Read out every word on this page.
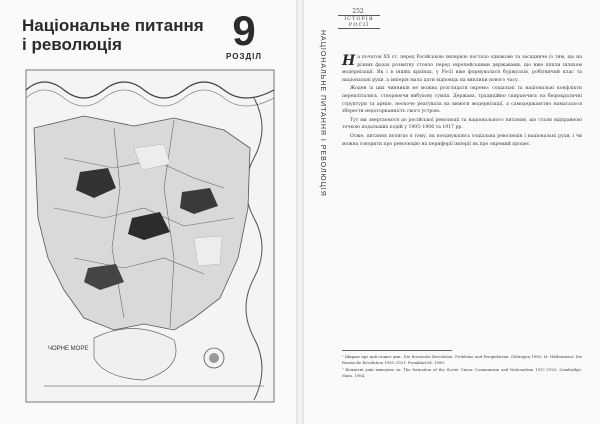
Національне питання
і революція	9
РОЗДІЛ
ЧОРНЕ МОРЕ
252
ІСТОРІЯ РОСІЇ
НАЦІОНАЛЬНЕ ПИТАННЯ І РЕВОЛЮЦІЯ На початок XX ст. перед Російською імперією постало однакове та засадниче із тим, що на різних фазах розвитку стояло перед європейськими державами, що вже пішли шляхом модернізації. Як і в інших країнах, у Росії вже формувалася буржуазія, робітничий клас та національні рухи, а імперія мала дати відповідь на виклики нового часу.

Жоден із цих чинників не можна розглядати окремо: соціальні та національні конфлікти переплітались, створюючи вибухову суміш. Держава, традиційно спираючись на бюрократичні структури та армію, неохоче реагувала на вимоги модернізації, а самодержавство намагалося зберегти недоторканність свого устрою.

Тут ми звертаємося до російської революції та національного питання, що стали відправною точкою подальших подій у 1905–1906 та 1917 рр.

Отже, питання полягає в тому, як поєднувались соціальна революція і національні рухи, і чи можна говорити про революцію на периферії імперії як про окремий процес.

¹ Ширше про цей сюжет див.: Die Russische Revolution. Probleme und Perspektiven. Göttingen 1985; M. Hildermeier. Die Russische Revolution 1905–1921. Frankfurt/M. 1989.

² Кількісні дані наведено за: The formation of the Soviet Union: Communism and Nationalism 1917–1923. Cambridge, Mass. 1964.
